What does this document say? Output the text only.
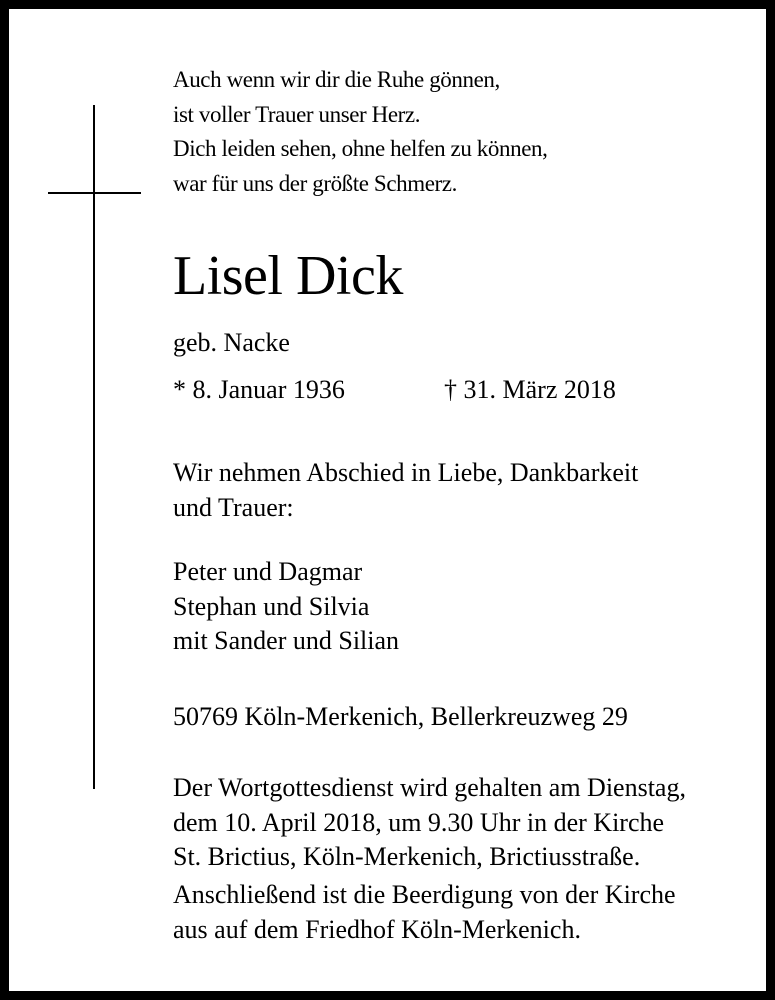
Auch wenn wir dir die Ruhe gönnen,
ist voller Trauer unser Herz.
Dich leiden sehen, ohne helfen zu können,
war für uns der größte Schmerz.
Lisel Dick
geb. Nacke
* 8. Januar 1936	† 31. März 2018
Wir nehmen Abschied in Liebe, Dankbarkeit
und Trauer:
Peter und Dagmar
Stephan und Silvia
mit Sander und Silian
50769 Köln-Merkenich, Bellerkreuzweg 29
Der Wortgottesdienst wird gehalten am Dienstag,
dem 10. April 2018, um 9.30 Uhr in der Kirche
St. Brictius, Köln-Merkenich, Brictiusstraße.
Anschließend ist die Beerdigung von der Kirche
aus auf dem Friedhof Köln-Merkenich.
